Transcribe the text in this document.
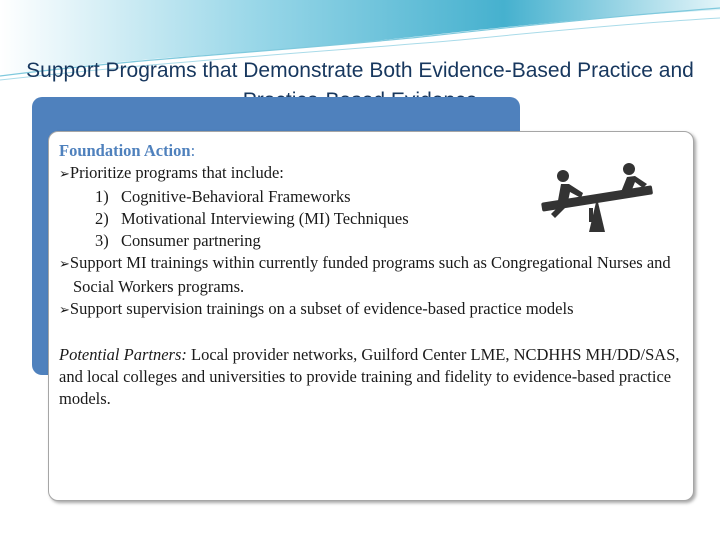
Support Programs that Demonstrate Both Evidence-Based Practice and
Foundation Action:
➢Prioritize programs that include:
1) Cognitive-Behavioral Frameworks
2) Motivational Interviewing (MI) Techniques
3) Consumer partnering
➢Support MI trainings within currently funded programs such as Congregational Nurses and Social Workers programs.
➢Support supervision trainings on a subset of evidence-based practice models
Potential Partners: Local provider networks, Guilford Center LME, NCDHHS MH/DD/SAS, and local colleges and universities to provide training and fidelity to evidence-based practice models.
